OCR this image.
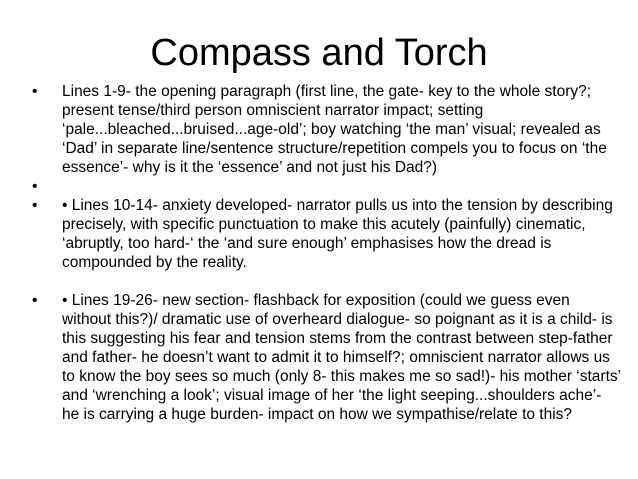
Compass and Torch
• Lines 1-9- the opening paragraph (first line, the gate- key to the whole story?; present tense/third person omniscient narrator impact; setting ‘pale...bleached...bruised...age-old’; boy watching ‘the man’ visual; revealed as ‘Dad’ in separate line/sentence structure/repetition compels you to focus on ‘the essence’- why is it the ‘essence’ and not just his Dad?)
•

• • Lines 10-14- anxiety developed- narrator pulls us into the tension by describing precisely, with specific punctuation to make this acutely (painfully) cinematic, ‘abruptly, too hard-‘ the ‘and sure enough’ emphasises how the dread is compounded by the reality.
• • Lines 19-26- new section- flashback for exposition (could we guess even without this?)/ dramatic use of overheard dialogue- so poignant as it is a child- is this suggesting his fear and tension stems from the contrast between step-father and father- he doesn’t want to admit it to himself?; omniscient narrator allows us to know the boy sees so much (only 8- this makes me so sad!)- his mother ‘starts’ and ‘wrenching a look’; visual image of her ‘the light seeping...shoulders ache’- he is carrying a huge burden- impact on how we sympathise/relate to this?
